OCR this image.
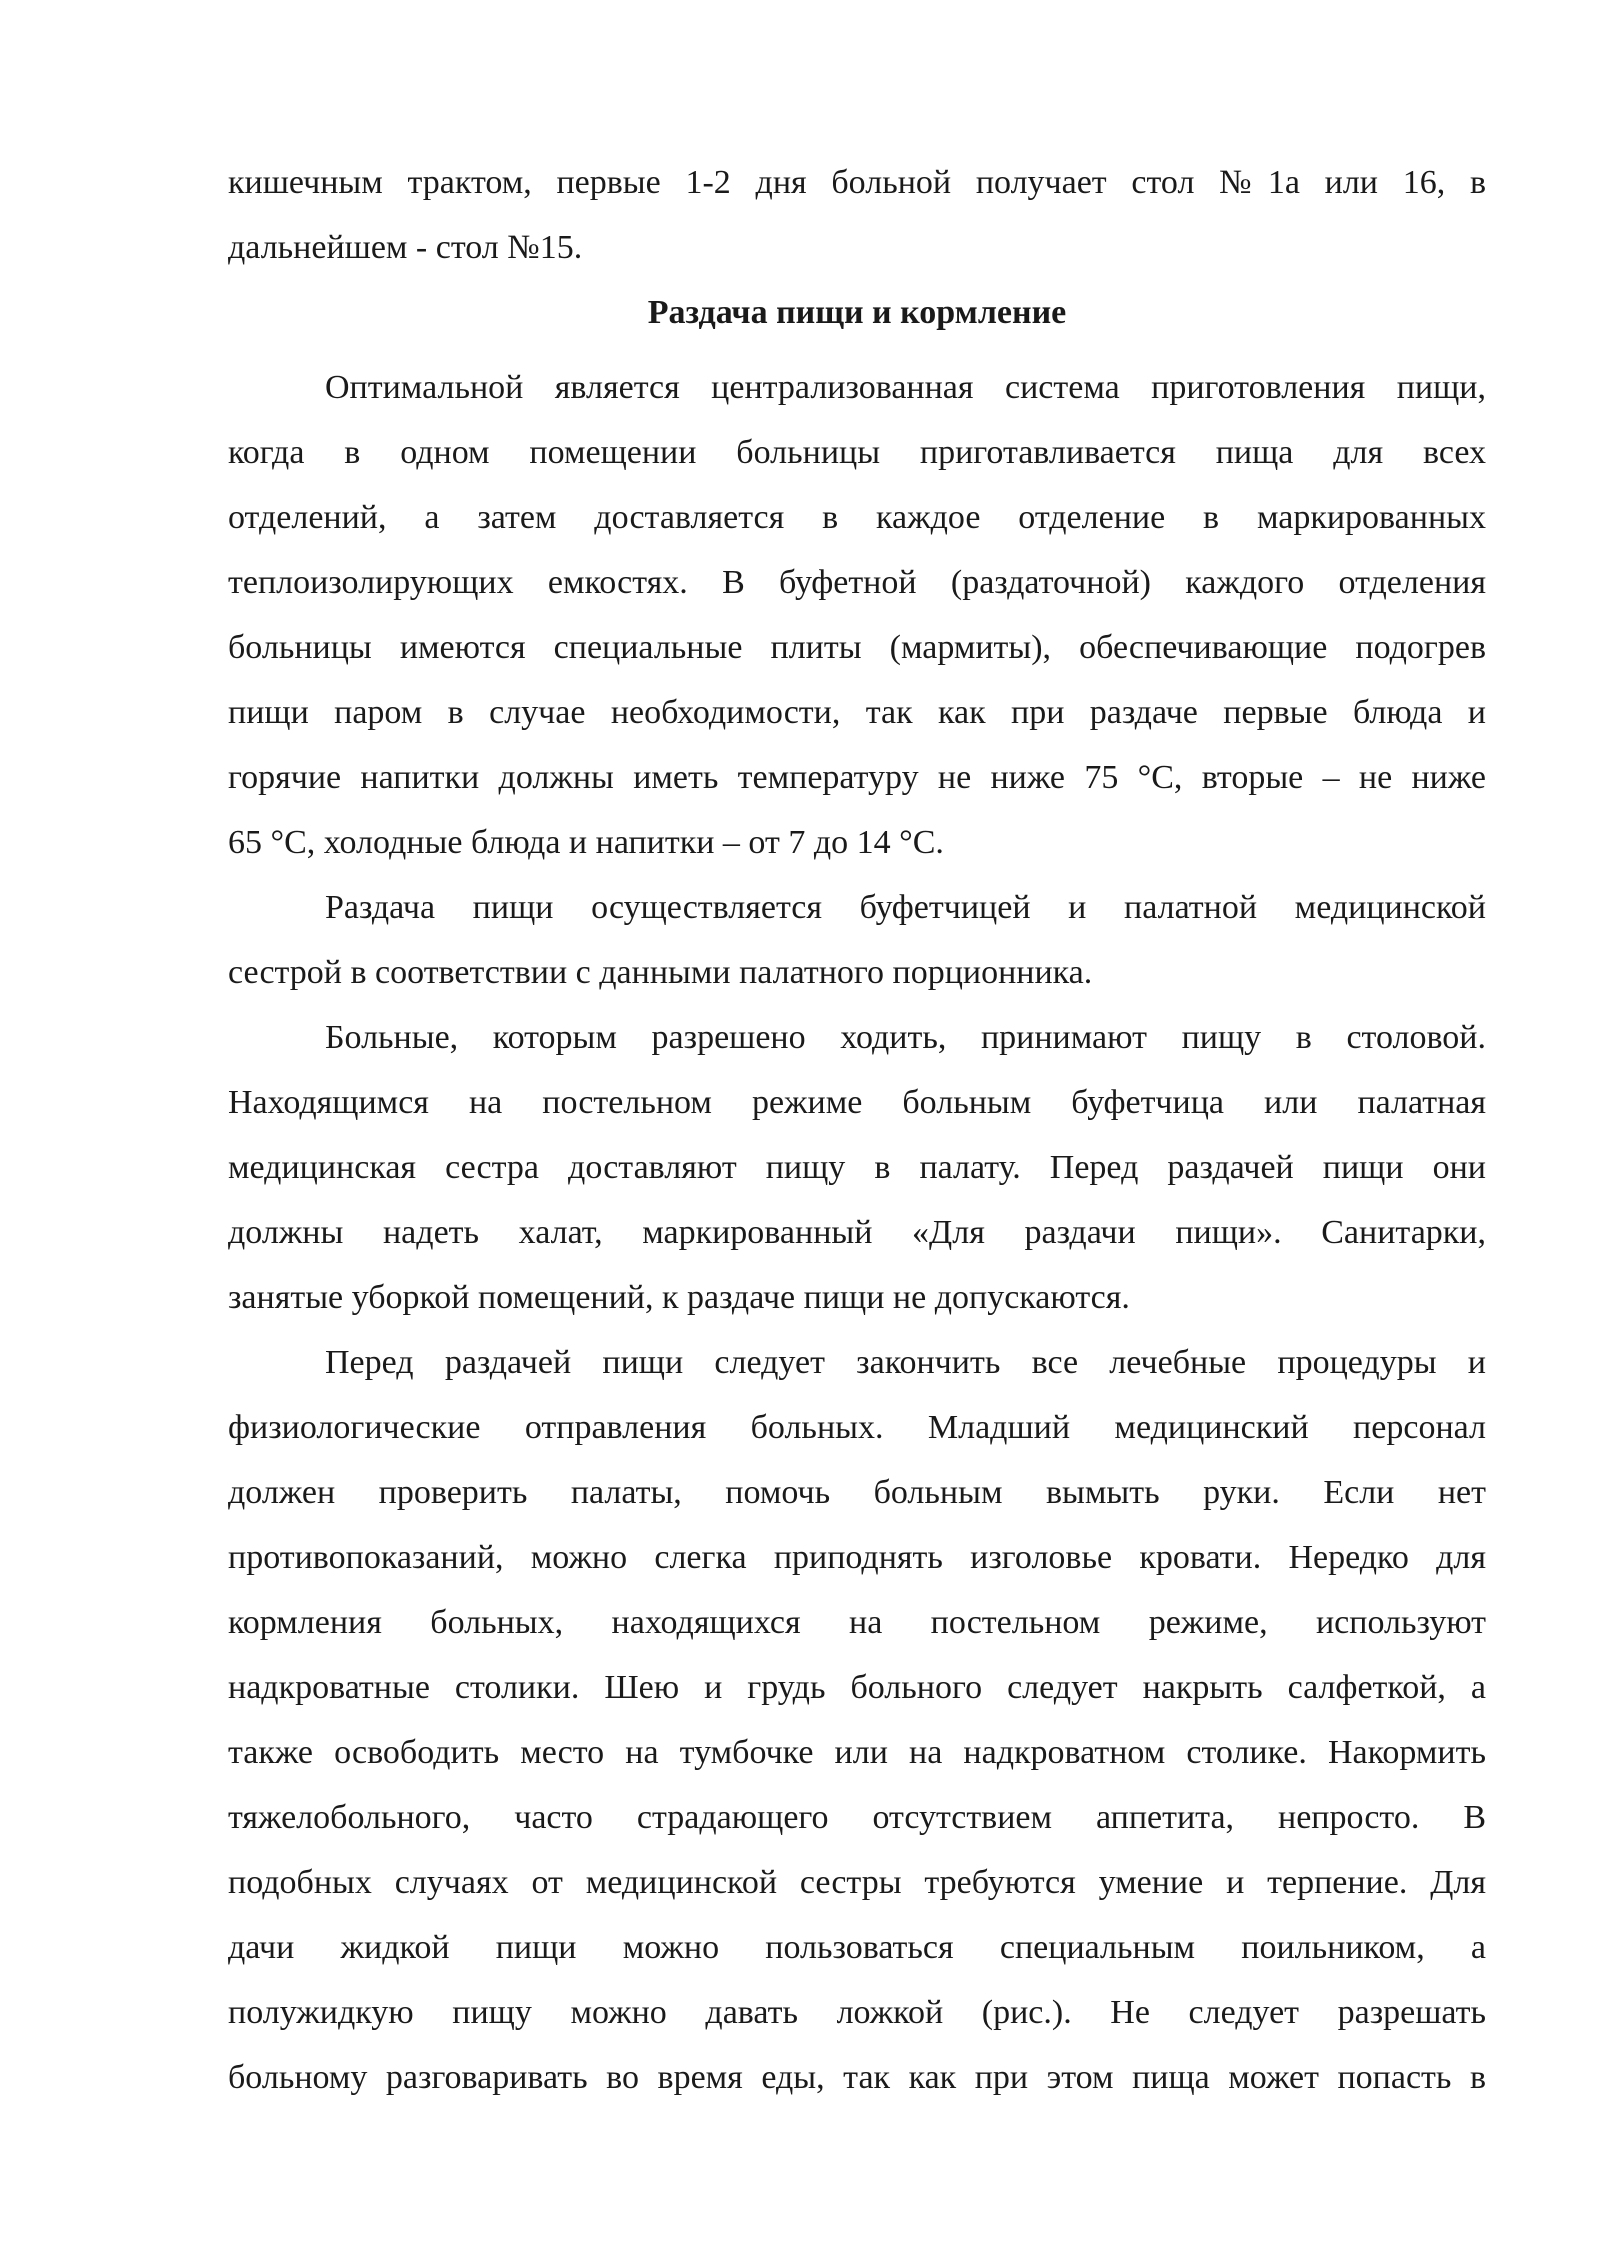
кишечным трактом, первые 1-2 дня больной получает стол №1а или 16, в
дальнейшем - стол №15.
Раздача пищи и кормление
Оптимальной является централизованная система приготовления пищи,
когда в одном помещении больницы приготавливается пища для всех
отделений, а затем доставляется в каждое отделение в маркированных
теплоизолирующих емкостях. В буфетной (раздаточной) каждого отделения
больницы имеются специальные плиты (мармиты), обеспечивающие подогрев
пищи паром в случае необходимости, так как при раздаче первые блюда и
горячие напитки должны иметь температуру не ниже 75 °С, вторые – не ниже
65 °С, холодные блюда и напитки – от 7 до 14 °С.
Раздача пищи осуществляется буфетчицей и палатной медицинской
сестрой в соответствии с данными палатного порционника.
Больные, которым разрешено ходить, принимают пищу в столовой.
Находящимся на постельном режиме больным буфетчица или палатная
медицинская сестра доставляют пищу в палату. Перед раздачей пищи они
должны надеть халат, маркированный «Для раздачи пищи». Санитарки,
занятые уборкой помещений, к раздаче пищи не допускаются.
Перед раздачей пищи следует закончить все лечебные процедуры и
физиологические отправления больных. Младший медицинский персонал
должен проверить палаты, помочь больным вымыть руки. Если нет
противопоказаний, можно слегка приподнять изголовье кровати. Нередко для
кормления больных, находящихся на постельном режиме, используют
надкроватные столики. Шею и грудь больного следует накрыть салфеткой, а
также освободить место на тумбочке или на надкроватном столике. Накормить
тяжелобольного, часто страдающего отсутствием аппетита, непросто. В
подобных случаях от медицинской сестры требуются умение и терпение. Для
дачи жидкой пищи можно пользоваться специальным поильником, а
полужидкую пищу можно давать ложкой (рис.). Не следует разрешать
больному разговаривать во время еды, так как при этом пища может попасть в
